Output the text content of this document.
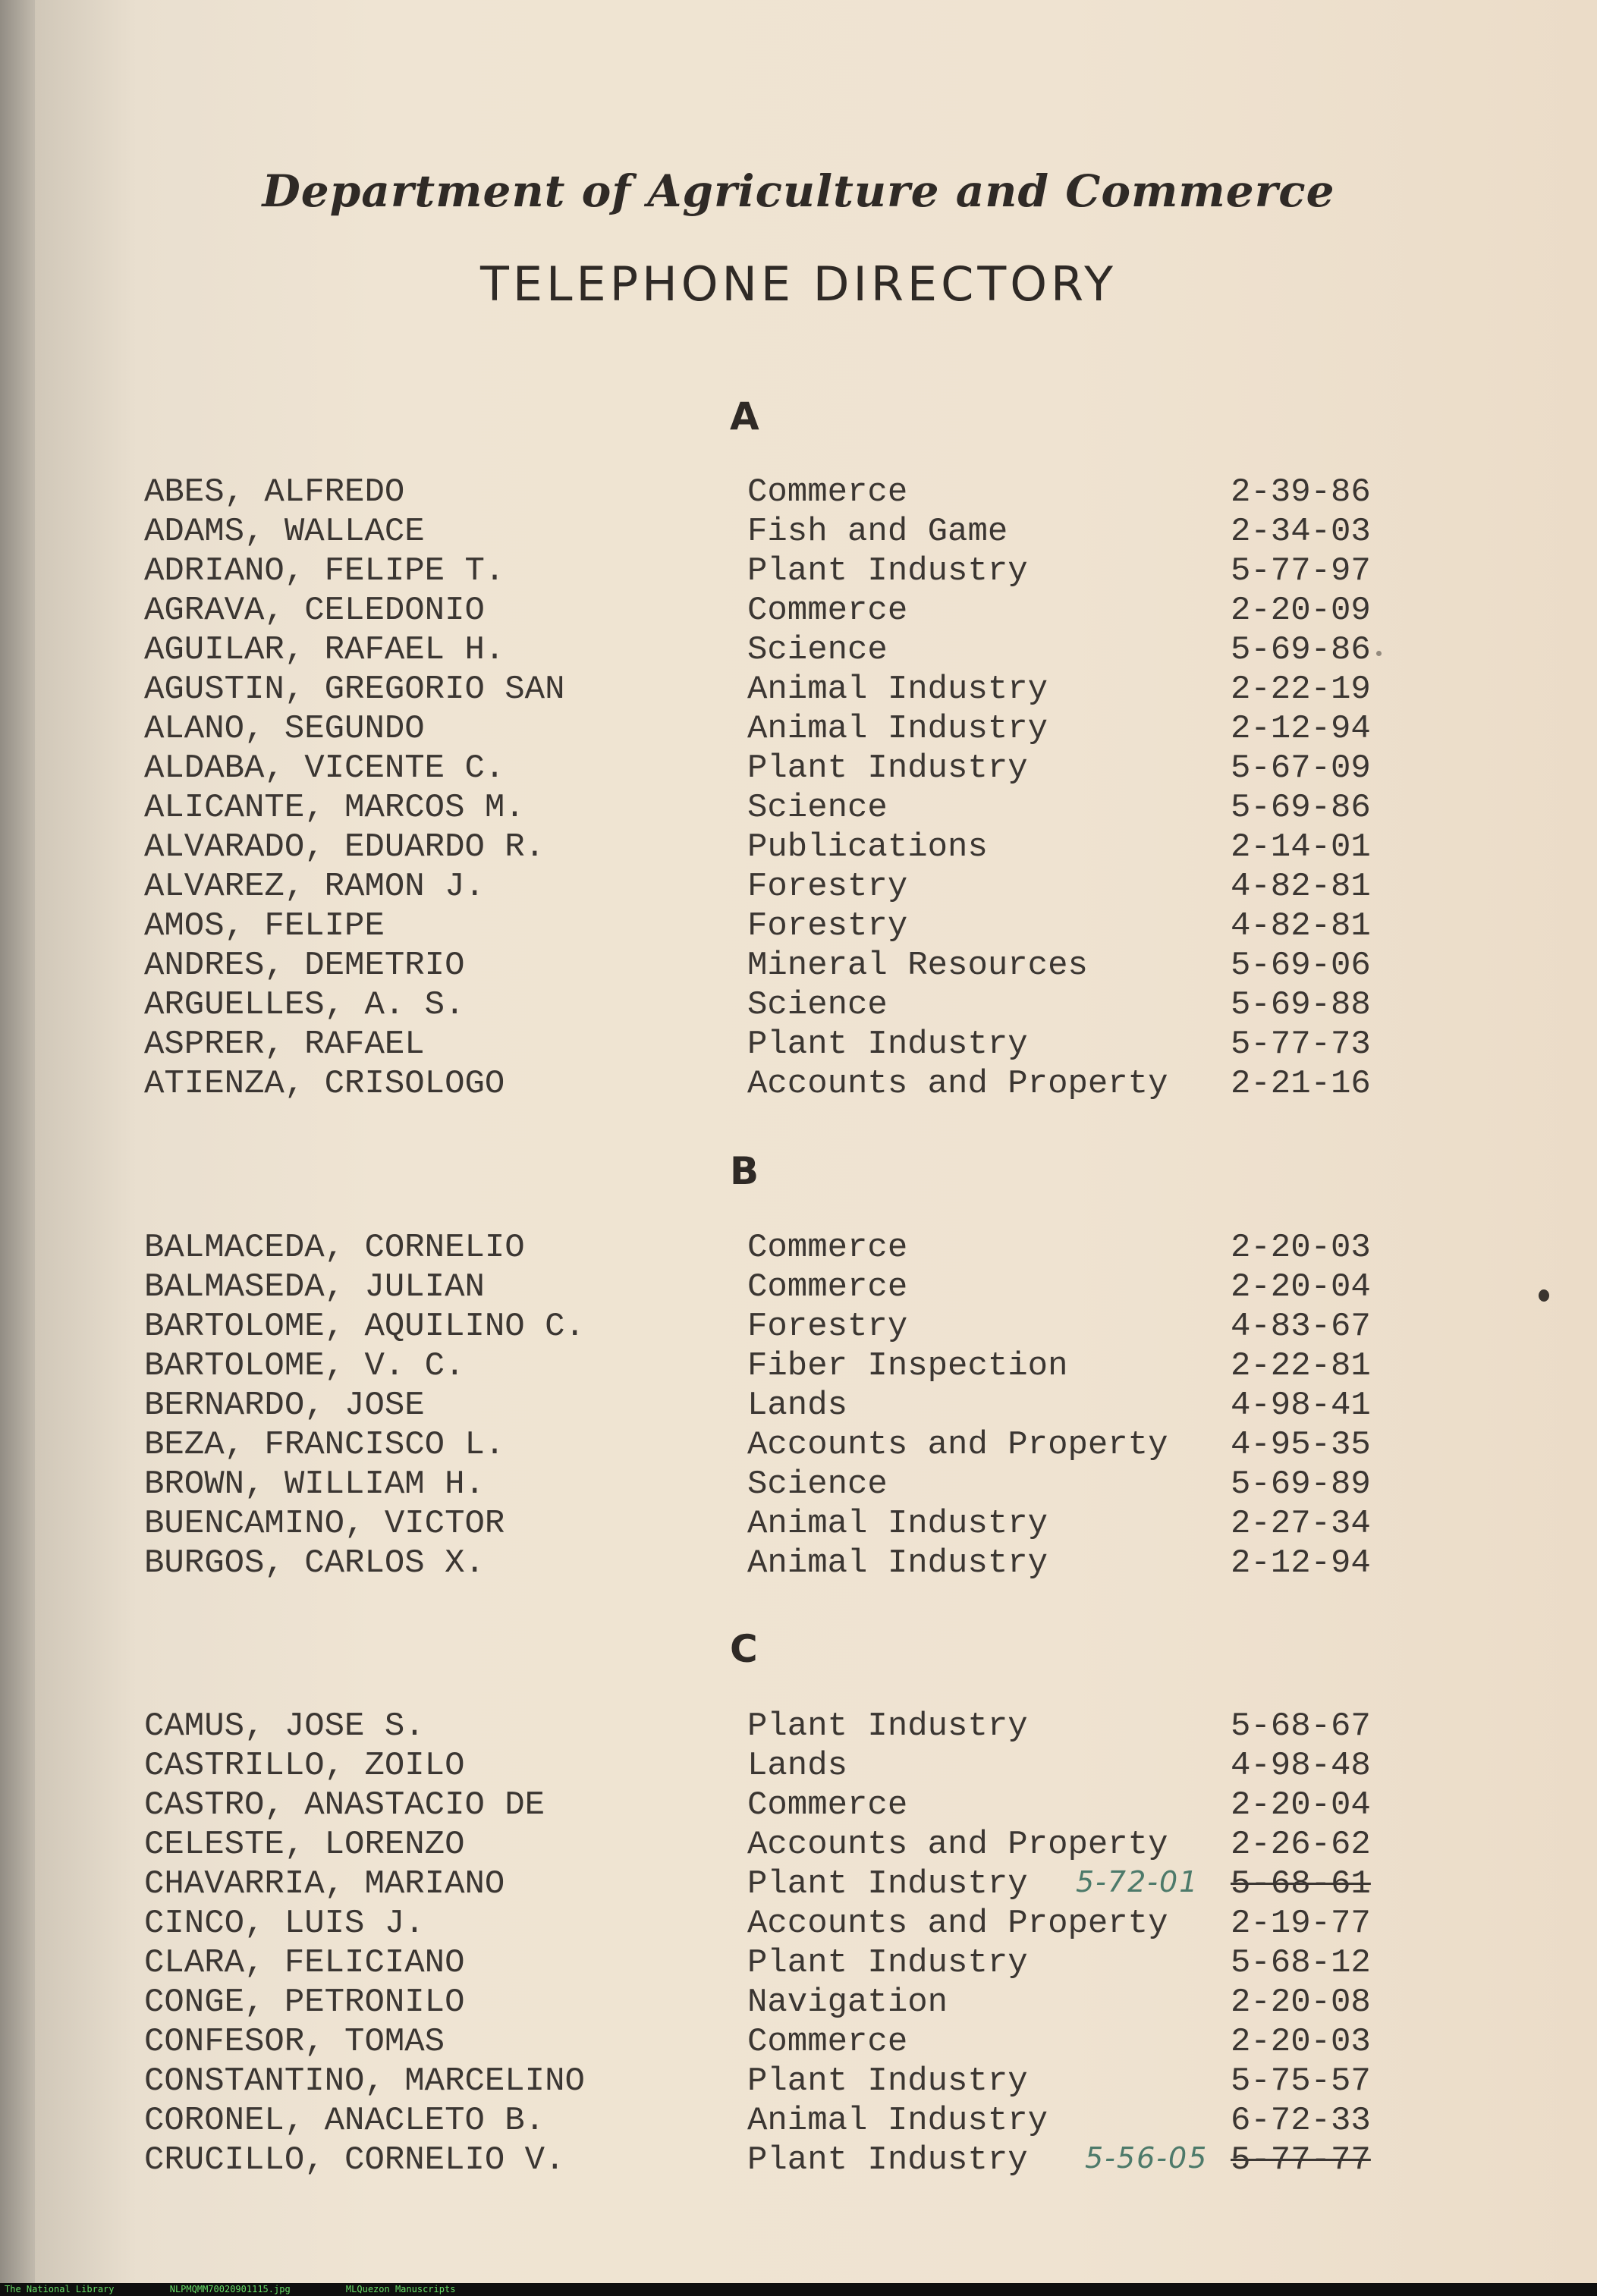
Department of Agriculture and Commerce
TELEPHONE DIRECTORY
A
ABES, ALFREDO	Commerce	2-39-86
ADAMS, WALLACE	Fish and Game	2-34-03
ADRIANO, FELIPE T.	Plant Industry	5-77-97
AGRAVA, CELEDONIO	Commerce	2-20-09
AGUILAR, RAFAEL H.	Science	5-69-86
AGUSTIN, GREGORIO SAN	Animal Industry	2-22-19
ALANO, SEGUNDO	Animal Industry	2-12-94
ALDABA, VICENTE C.	Plant Industry	5-67-09
ALICANTE, MARCOS M.	Science	5-69-86
ALVARADO, EDUARDO R.	Publications	2-14-01
ALVAREZ, RAMON J.	Forestry	4-82-81
AMOS, FELIPE	Forestry	4-82-81
ANDRES, DEMETRIO	Mineral Resources	5-69-06
ARGUELLES, A. S.	Science	5-69-88
ASPRER, RAFAEL	Plant Industry	5-77-73
ATIENZA, CRISOLOGO	Accounts and Property 2-21-16
B
BALMACEDA, CORNELIO	Commerce	2-20-03
BALMASEDA, JULIAN	Commerce	2-20-04
BARTOLOME, AQUILINO C.	Forestry	4-83-67
BARTOLOME, V. C.	Fiber Inspection	2-22-81
BERNARDO, JOSE	Lands	4-98-41
BEZA, FRANCISCO L.	Accounts and Property 4-95-35
BROWN, WILLIAM H.	Science	5-69-89
BUENCAMINO, VICTOR	Animal Industry	2-27-34
BURGOS, CARLOS X.	Animal Industry	2-12-94
C
CAMUS, JOSE S.	Plant Industry	5-68-67
CASTRILLO, ZOILO	Lands	4-98-48
CASTRO, ANASTACIO DE	Commerce	2-20-04
CELESTE, LORENZO	Accounts and Property 2-26-62
CHAVARRIA, MARIANO	Plant Industry 5-72-01 5-68-61
CINCO, LUIS J.	Accounts and Property 2-19-77
CLARA, FELICIANO	Plant Industry	5-68-12
CONGE, PETRONILO	Navigation	2-20-08
CONFESOR, TOMAS	Commerce	2-20-03
CONSTANTINO, MARCELINO	Plant Industry	5-75-57
CORONEL, ANACLETO B.	Animal Industry	6-72-33
CRUCILLO, CORNELIO V.	Plant Industry 5-56-05 5-77-77
The National Library	NLPMQMM70020901115.jpg	MLQuezon Manuscripts
